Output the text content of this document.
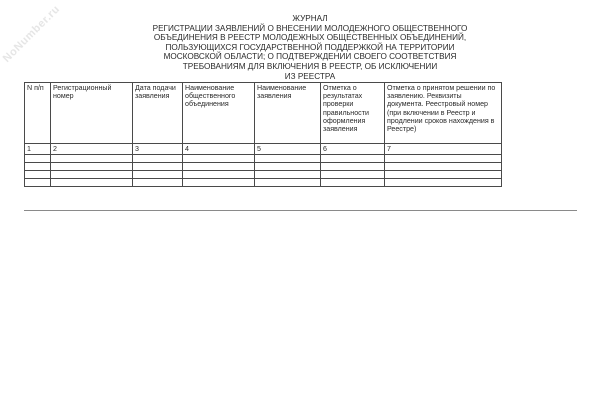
NoNumber.ru	ЖУРНАЛ
РЕГИСТРАЦИИ ЗАЯВЛЕНИЙ О ВНЕСЕНИИ МОЛОДЕЖНОГО ОБЩЕСТВЕННОГО
ОБЪЕДИНЕНИЯ В РЕЕСТР МОЛОДЕЖНЫХ ОБЩЕСТВЕННЫХ ОБЪЕДИНЕНИЙ,
ПОЛЬЗУЮЩИХСЯ ГОСУДАРСТВЕННОЙ ПОДДЕРЖКОЙ НА ТЕРРИТОРИИ
МОСКОВСКОЙ ОБЛАСТИ; О ПОДТВЕРЖДЕНИИ СВОЕГО СООТВЕТСТВИЯ
ТРЕБОВАНИЯМ ДЛЯ ВКЛЮЧЕНИЯ В РЕЕСТР, ОБ ИСКЛЮЧЕНИИ
ИЗ РЕЕСТРА
N п/п	Регистрационный номер	Дата подачи заявления	Наименование общественного объединения	Наименование заявления	Отметка о результатах проверки правильности оформления заявления	Отметка о принятом решении по заявлению. Реквизиты документа. Реестровый номер (при включении в Реестр и продлении сроков нахождения в Реестре)
1	2	3	4	5	6	7
